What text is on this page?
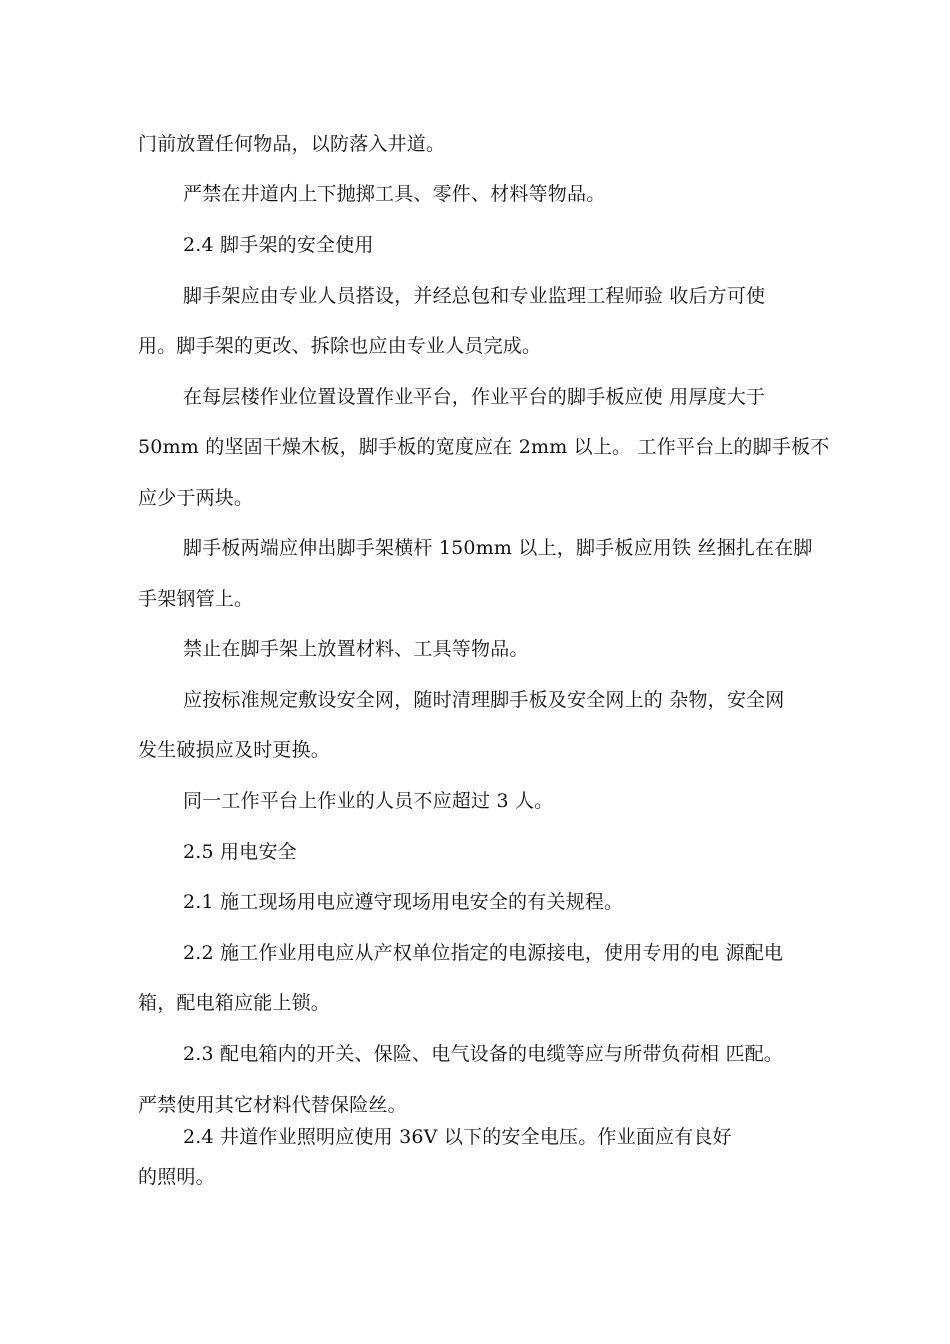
门前放置任何物品，以防落入井道。
严禁在井道内上下抛掷工具、零件、材料等物品。
2.4 脚手架的安全使用
脚手架应由专业人员搭设，并经总包和专业监理工程师验 收后方可使
用。脚手架的更改、拆除也应由专业人员完成。
在每层楼作业位置设置作业平台，作业平台的脚手板应使 用厚度大于
50mm 的坚固干燥木板，脚手板的宽度应在 2mm 以上。 工作平台上的脚手板不
应少于两块。
脚手板两端应伸出脚手架横杆 150mm 以上，脚手板应用铁 丝捆扎在在脚
手架钢管上。
禁止在脚手架上放置材料、工具等物品。
应按标准规定敷设安全网，随时清理脚手板及安全网上的 杂物，安全网
发生破损应及时更换。
同一工作平台上作业的人员不应超过 3 人。
2.5 用电安全
2.1 施工现场用电应遵守现场用电安全的有关规程。
2.2 施工作业用电应从产权单位指定的电源接电，使用专用的电 源配电
箱，配电箱应能上锁。
2.3 配电箱内的开关、保险、电气设备的电缆等应与所带负荷相 匹配。
严禁使用其它材料代替保险丝。
2.4 井道作业照明应使用 36V 以下的安全电压。作业面应有良好
的照明。
